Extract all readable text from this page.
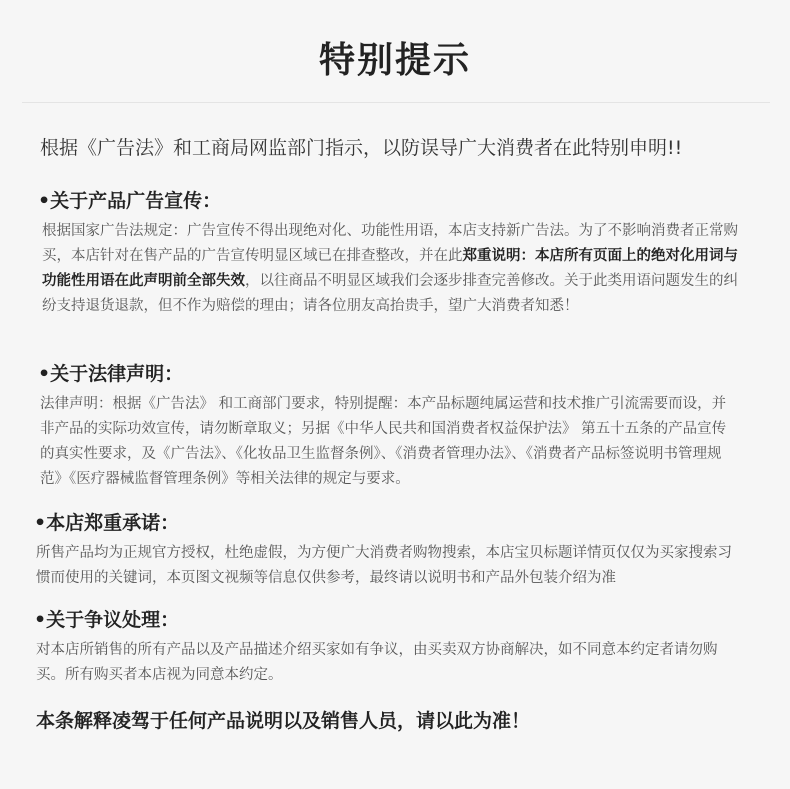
特别提示

根据《广告法》和工商局网监部门指示，以防误导广大消费者在此特别申明!!

•关于产品广告宣传：

根据国家广告法规定：广告宣传不得出现绝对化、功能性用语，本店支持新广告法。为了不影响消费者正常购买，本店针对在售产品的广告宣传明显区域已在排查整改，并在此郑重说明：本店所有页面上的绝对化用词与功能性用语在此声明前全部失效，以往商品不明显区域我们会逐步排查完善修改。关于此类用语问题发生的纠纷支持退货退款，但不作为赔偿的理由；请各位朋友高抬贵手，望广大消费者知悉！

•关于法律声明：

法律声明：根据《广告法》 和工商部门要求，特别提醒：本产品标题纯属运营和技术推广引流需要而设，并非产品的实际功效宣传，请勿断章取义；另据《中华人民共和国消费者权益保护法》 第五十五条的产品宣传的真实性要求，及《广告法》、《化妆品卫生监督条例》、《消费者管理办法》、《消费者产品标签说明书管理规范》《医疗器械监督管理条例》等相关法律的规定与要求。

•本店郑重承诺：

所售产品均为正规官方授权，杜绝虚假，为方便广大消费者购物搜索，本店宝贝标题详情页仅仅为买家搜索习惯而使用的关键词，本页图文视频等信息仅供参考，最终请以说明书和产品外包装介绍为准

•关于争议处理：

对本店所销售的所有产品以及产品描述介绍买家如有争议，由买卖双方协商解决，如不同意本约定者请勿购买。所有购买者本店视为同意本约定。

本条解释凌驾于任何产品说明以及销售人员，请以此为准！
